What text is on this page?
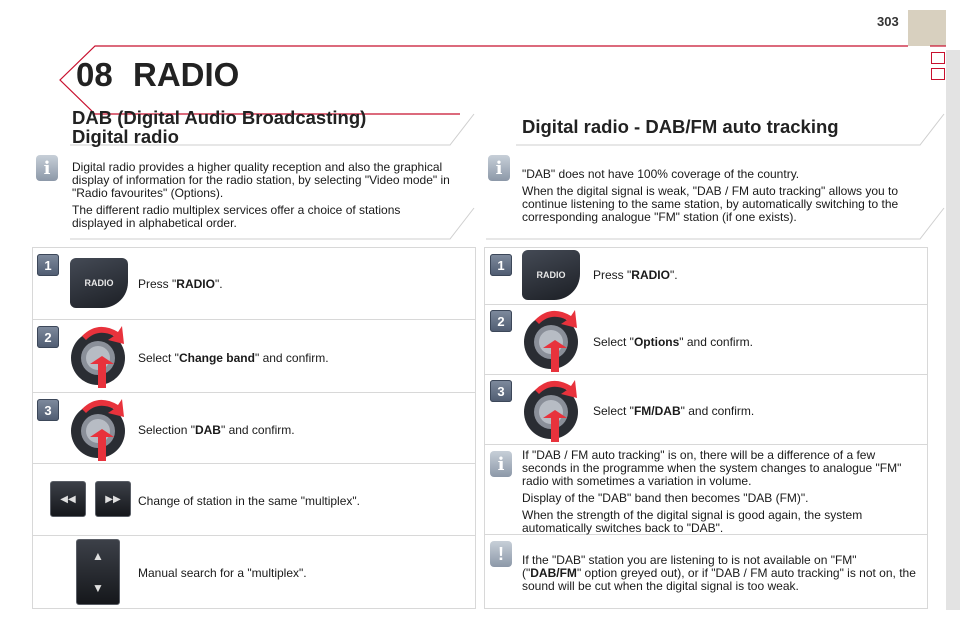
303
08 RADIO
DAB (Digital Audio Broadcasting)
Digital radio
i	Digital radio provides a higher quality reception and also the graphical display of information for the radio station, by selecting "Video mode" in "Radio favourites" (Options).

The different radio multiplex services offer a choice of stations displayed in alphabetical order.

1
RADIO	Press "RADIO".
2
Select "Change band" and confirm.
3
Selection "DAB" and confirm.
◀◀	▶▶	Change of station in the same "multiplex".
▲
▼
Manual search for a "multiplex".
Digital radio - DAB/FM auto tracking
i	"DAB" does not have 100% coverage of the country.

When the digital signal is weak, "DAB / FM auto tracking" allows you to continue listening to the same station, by automatically switching to the corresponding analogue "FM" station (if one exists).

1
RADIO	Press "RADIO".
2
Select "Options" and confirm.
3
Select "FM/DAB" and confirm.
i	If "DAB / FM auto tracking" is on, there will be a difference of a few seconds in the programme when the system changes to analogue "FM" radio with sometimes a variation in volume.

Display of the "DAB" band then becomes "DAB (FM)".

When the strength of the digital signal is good again, the system automatically switches back to "DAB".

!	If the "DAB" station you are listening to is not available on "FM" ("DAB/FM" option greyed out), or if "DAB / FM auto tracking" is not on, the sound will be cut when the digital signal is too weak.
